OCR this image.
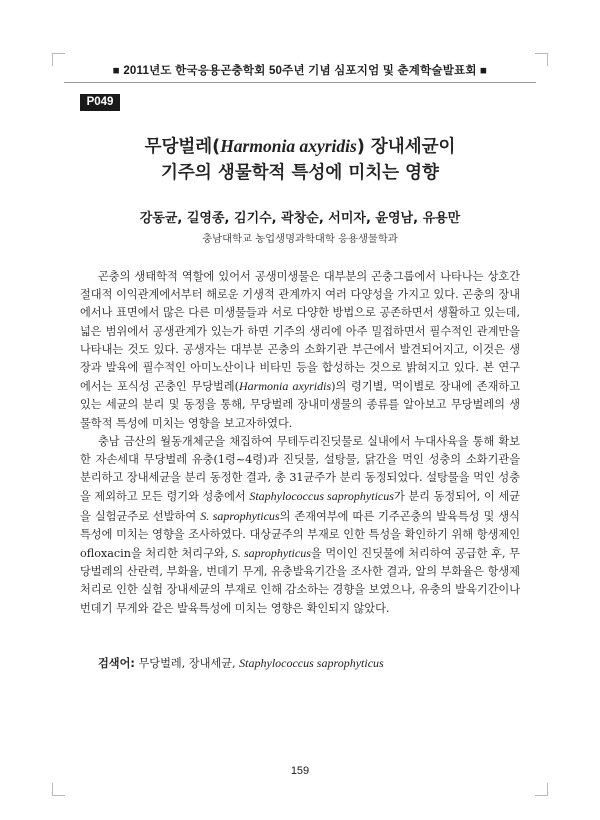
■ 2011년도 한국응용곤충학회 50주년 기념 심포지엄 및 춘계학술발표회 ■
P049
무당벌레(Harmonia axyridis) 장내세균이
기주의 생물학적 특성에 미치는 영향
강동균, 길영종, 김기수, 곽창순, 서미자, 윤영남, 유용만
충남대학교 농업생명과학대학 응용생물학과

곤충의 생태학적 역할에 있어서 공생미생물은 대부분의 곤충그룹에서 나타나는 상호간 절대적 이익관계에서부터 해로운 기생적 관계까지 여러 다양성을 가지고 있다. 곤충의 장내에서나 표면에서 많은 다른 미생물들과 서로 다양한 방법으로 공존하면서 생활하고 있는데, 넓은 범위에서 공생관계가 있는가 하면 기주의 생리에 아주 밀접하면서 필수적인 관계만을 나타내는 것도 있다. 공생자는 대부분 곤충의 소화기관 부근에서 발견되어지고, 이것은 생장과 발육에 필수적인 아미노산이나 비타민 등을 합성하는 것으로 밝혀지고 있다. 본 연구에서는 포식성 곤충인 무당벌레(Harmonia axyridis)의 령기별, 먹이별로 장내에 존재하고 있는 세균의 분리 및 동정을 통해, 무당벌레 장내미생물의 종류를 알아보고 무당벌레의 생물학적 특성에 미치는 영향을 보고자하였다.

충남 금산의 월동개체군을 채집하여 무테두리진딧물로 실내에서 누대사육을 통해 확보한 자손세대 무당벌레 유충(1령~4령)과 진딧물, 설탕물, 닭간을 먹인 성충의 소화기관을 분리하고 장내세균을 분리 동정한 결과, 총 31균주가 분리 동정되었다. 설탕물을 먹인 성충을 제외하고 모든 령기와 성충에서 Staphylococcus saprophyticus가 분리 동정되어, 이 세균을 실험균주로 선발하여 S. saprophyticus의 존재여부에 따른 기주곤충의 발육특성 및 생식특성에 미치는 영향을 조사하였다. 대상균주의 부재로 인한 특성을 확인하기 위해 항생제인 ofloxacin을 처리한 처리구와, S. saprophyticus을 먹이인 진딧물에 처리하여 공급한 후, 무당벌레의 산란력, 부화율, 번데기 무게, 유충발육기간을 조사한 결과, 알의 부화율은 항생제 처리로 인한 실험 장내세균의 부재로 인해 감소하는 경향을 보였으나, 유충의 발육기간이나 번데기 무게와 같은 발육특성에 미치는 영향은 확인되지 않았다.

검색어: 무당벌레, 장내세균, Staphylococcus saprophyticus
159
